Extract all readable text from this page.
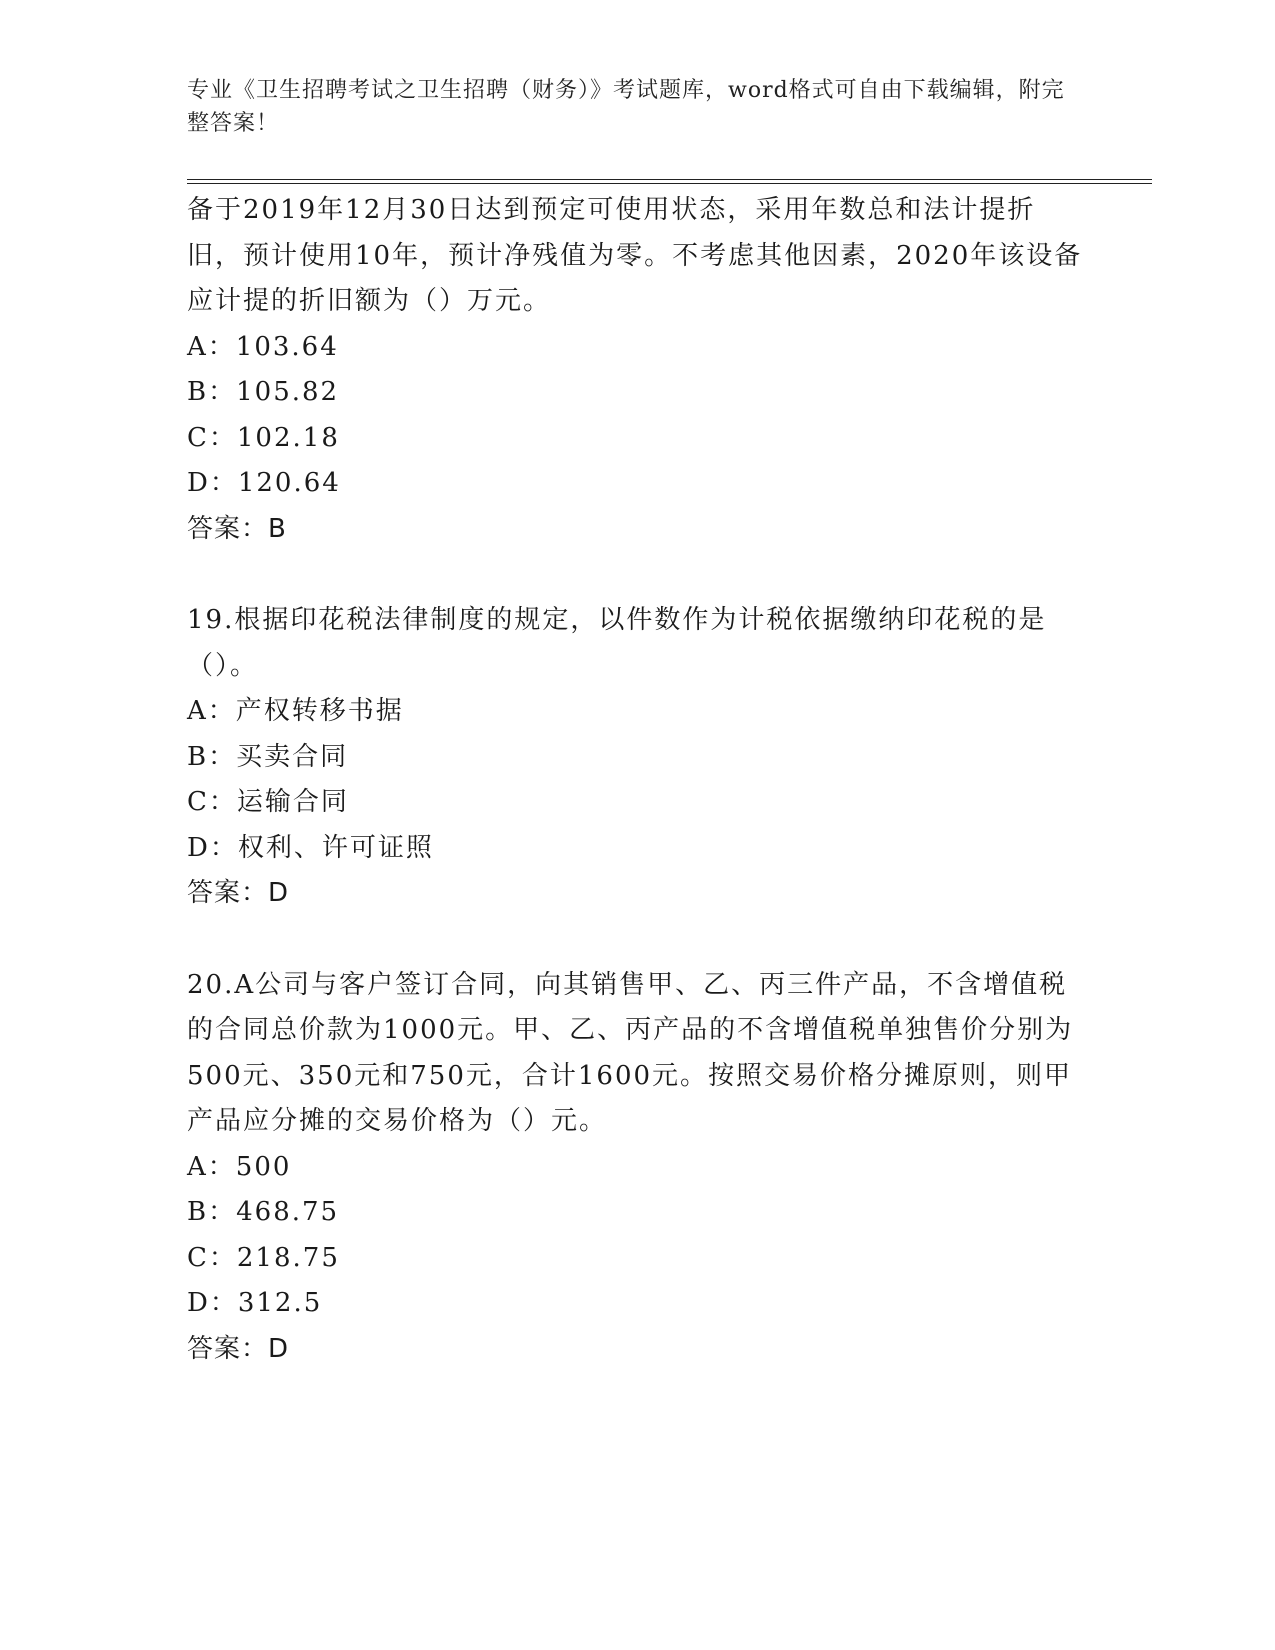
专业《卫生招聘考试之卫生招聘（财务）》考试题库，word格式可自由下载编辑，附完整答案！

备于2019年12月30日达到预定可使用状态，采用年数总和法计提折旧，预计使用10年，预计净残值为零。不考虑其他因素，2020年该设备应计提的折旧额为（）万元。

A：103.64

B：105.82

C：102.18

D：120.64

答案：B

19.根据印花税法律制度的规定，以件数作为计税依据缴纳印花税的是（）。

A：产权转移书据

B：买卖合同

C：运输合同

D：权利、许可证照

答案：D

20.A公司与客户签订合同，向其销售甲、乙、丙三件产品，不含增值税的合同总价款为1000元。甲、乙、丙产品的不含增值税单独售价分别为500元、350元和750元，合计1600元。按照交易价格分摊原则，则甲产品应分摊的交易价格为（）元。

A：500

B：468.75

C：218.75

D：312.5

答案：D
